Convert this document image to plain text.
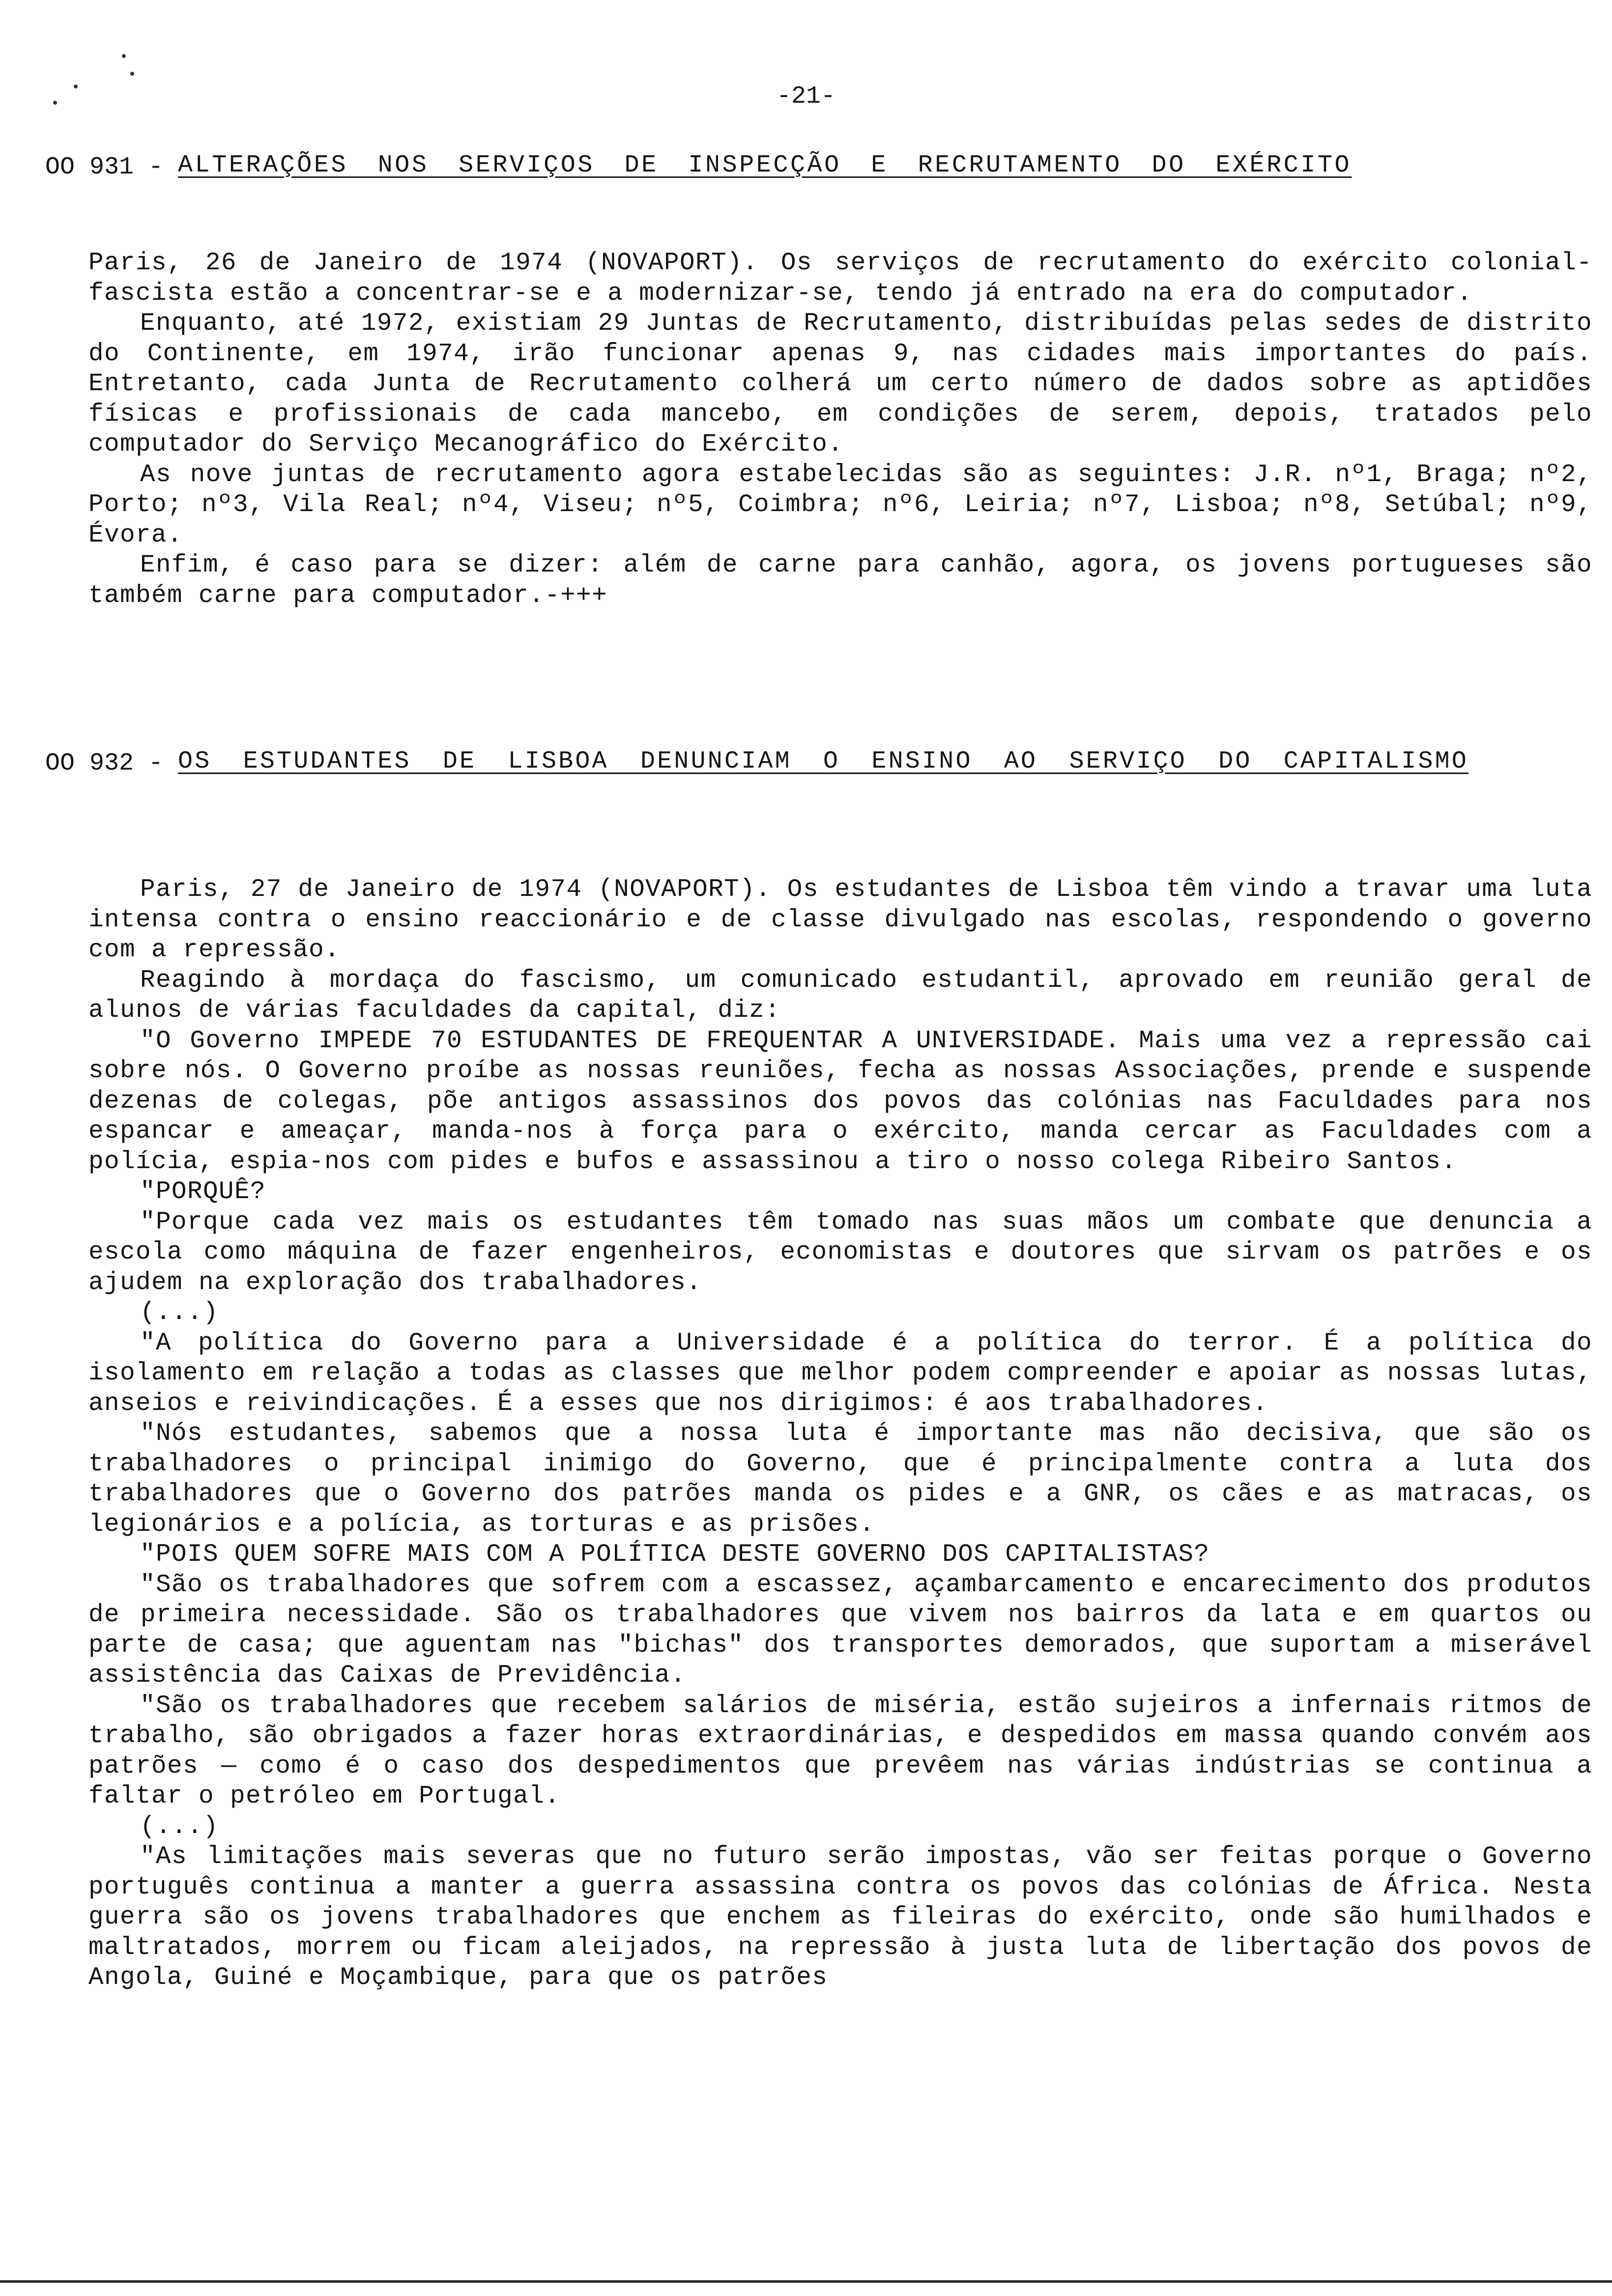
-21-
OO 931 - ALTERAÇÕES NOS SERVIÇOS DE INSPECÇÃO E RECRUTAMENTO DO EXÉRCITO

Paris, 26 de Janeiro de 1974 (NOVAPORT). Os serviços de recrutamento do exército colonial-fascista estão a concentrar-se e a modernizar-se, tendo já entrado na era do computador.

Enquanto, até 1972, existiam 29 Juntas de Recrutamento, distribuídas pelas sedes de distrito do Continente, em 1974, irão funcionar apenas 9, nas cidades mais importantes do país. Entretanto, cada Junta de Recrutamento colherá um certo número de dados sobre as aptidões físicas e profissionais de cada mancebo, em condições de serem, depois, tratados pelo computador do Serviço Mecanográfico do Exército.

As nove juntas de recrutamento agora estabelecidas são as seguintes: J.R. nº1, Braga; nº2, Porto; nº3, Vila Real; nº4, Viseu; nº5, Coimbra; nº6, Leiria; nº7, Lisboa; nº8, Setúbal; nº9, Évora.

Enfim, é caso para se dizer: além de carne para canhão, agora, os jovens portugueses são também carne para computador.-+++

OO 932 - OS ESTUDANTES DE LISBOA DENUNCIAM O ENSINO AO SERVIÇO DO CAPITALISMO

Paris, 27 de Janeiro de 1974 (NOVAPORT). Os estudantes de Lisboa têm vindo a travar uma luta intensa contra o ensino reaccionário e de classe divulgado nas escolas, respondendo o governo com a repressão.

Reagindo à mordaça do fascismo, um comunicado estudantil, aprovado em reunião geral de alunos de várias faculdades da capital, diz:

"O Governo IMPEDE 70 ESTUDANTES DE FREQUENTAR A UNIVERSIDADE. Mais uma vez a repressão cai sobre nós. O Governo proíbe as nossas reuniões, fecha as nossas Associações, prende e suspende dezenas de colegas, põe antigos assassinos dos povos das colónias nas Faculdades para nos espancar e ameaçar, manda-nos à força para o exército, manda cercar as Faculdades com a polícia, espia-nos com pides e bufos e assassinou a tiro o nosso colega Ribeiro Santos.

"PORQUÊ?

"Porque cada vez mais os estudantes têm tomado nas suas mãos um combate que denuncia a escola como máquina de fazer engenheiros, economistas e doutores que sirvam os patrões e os ajudem na exploração dos trabalhadores.

(...)

"A política do Governo para a Universidade é a política do terror. É a política do isolamento em relação a todas as classes que melhor podem compreender e apoiar as nossas lutas, anseios e reivindicações. É a esses que nos dirigimos: é aos trabalhadores.

"Nós estudantes, sabemos que a nossa luta é importante mas não decisiva, que são os trabalhadores o principal inimigo do Governo, que é principalmente contra a luta dos trabalhadores que o Governo dos patrões manda os pides e a GNR, os cães e as matracas, os legionários e a polícia, as torturas e as prisões.

"POIS QUEM SOFRE MAIS COM A POLÍTICA DESTE GOVERNO DOS CAPITALISTAS?

"São os trabalhadores que sofrem com a escassez, açambarcamento e encarecimento dos produtos de primeira necessidade. São os trabalhadores que vivem nos bairros da lata e em quartos ou parte de casa; que aguentam nas "bichas" dos transportes demorados, que suportam a miserável assistência das Caixas de Previdência.

"São os trabalhadores que recebem salários de miséria, estão sujeiros a infernais ritmos de trabalho, são obrigados a fazer horas extraordinárias, e despedidos em massa quando convém aos patrões — como é o caso dos despedimentos que prevêem nas várias indústrias se continua a faltar o petróleo em Portugal.

(...)

"As limitações mais severas que no futuro serão impostas, vão ser feitas porque o Governo português continua a manter a guerra assassina contra os povos das colónias de África. Nesta guerra são os jovens trabalhadores que enchem as fileiras do exército, onde são humilhados e maltratados, morrem ou ficam aleijados, na repressão à justa luta de libertação dos povos de Angola, Guiné e Moçambique, para que os patrões
